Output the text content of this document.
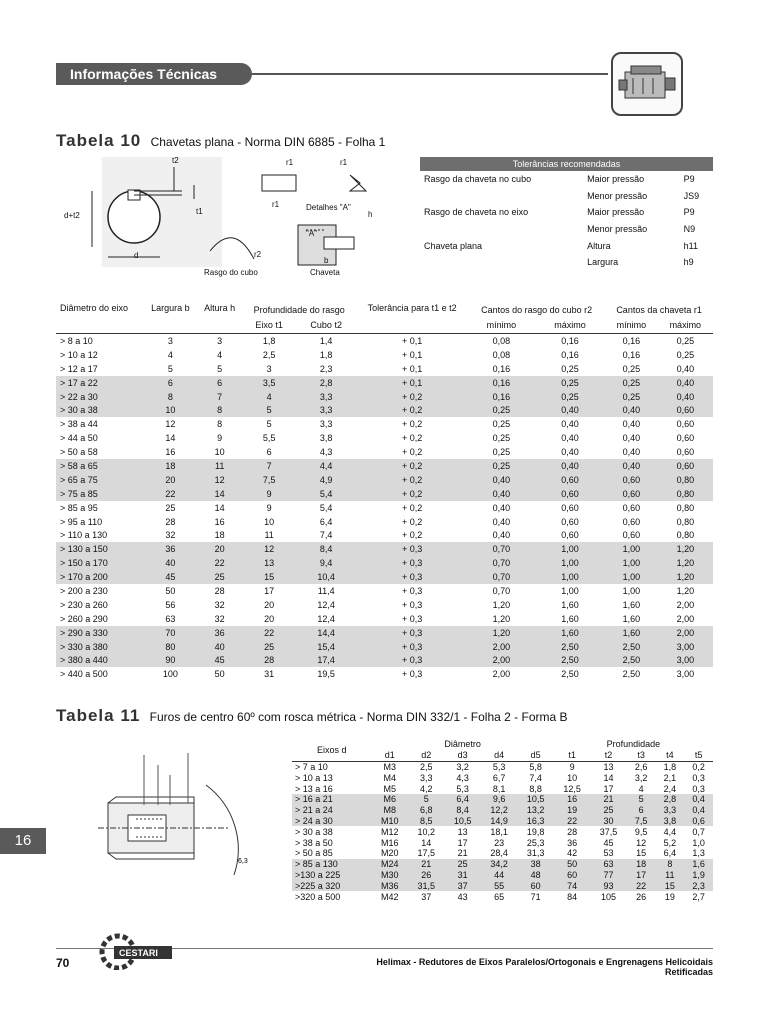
Informações Técnicas
Tabela 10 Chavetas plana - Norma DIN 6885 - Folha 1
t2
t1
d+t2
d
r1	r1
r1	Detalhes "A"
h
"A"
r2
b
Rasgo do cubo	Chaveta
Tolerâncias recomendadas		
Rasgo da chaveta no cubo	Maior pressão	P9
	Menor pressão	JS9
Rasgo de chaveta no eixo	Maior pressão	P9
	Menor pressão	N9
Chaveta plana	Altura	h11
	Largura	h9
Diâmetro do eixo	Largura b	Altura h	Profundidade do rasgo		Tolerância para t1 e t2	Cantos do rasgo do cubo r2		Cantos da chaveta r1	
			Eixo t1	Cubo t2		mínimo	máximo	mínimo	máximo
> 8 a 10	3	3	1,8	1,4	+ 0,1	0,08	0,16	0,16	0,25
> 10 a 12	4	4	2,5	1,8	+ 0,1	0,08	0,16	0,16	0,25
> 12 a 17	5	5	3	2,3	+ 0,1	0,16	0,25	0,25	0,40
> 17 a 22	6	6	3,5	2,8	+ 0,1	0,16	0,25	0,25	0,40
> 22 a 30	8	7	4	3,3	+ 0,2	0,16	0,25	0,25	0,40
> 30 a 38	10	8	5	3,3	+ 0,2	0,25	0,40	0,40	0,60
> 38 a 44	12	8	5	3,3	+ 0,2	0,25	0,40	0,40	0,60
> 44 a 50	14	9	5,5	3,8	+ 0,2	0,25	0,40	0,40	0,60
> 50 a 58	16	10	6	4,3	+ 0,2	0,25	0,40	0,40	0,60
> 58 a 65	18	11	7	4,4	+ 0,2	0,25	0,40	0,40	0,60
> 65 a 75	20	12	7,5	4,9	+ 0,2	0,40	0,60	0,60	0,80
> 75 a 85	22	14	9	5,4	+ 0,2	0,40	0,60	0,60	0,80
> 85 a 95	25	14	9	5,4	+ 0,2	0,40	0,60	0,60	0,80
> 95 a 110	28	16	10	6,4	+ 0,2	0,40	0,60	0,60	0,80
> 110 a 130	32	18	11	7,4	+ 0,2	0,40	0,60	0,60	0,80
> 130 a 150	36	20	12	8,4	+ 0,3	0,70	1,00	1,00	1,20
> 150 a 170	40	22	13	9,4	+ 0,3	0,70	1,00	1,00	1,20
> 170 a 200	45	25	15	10,4	+ 0,3	0,70	1,00	1,00	1,20
> 200 a 230	50	28	17	11,4	+ 0,3	0,70	1,00	1,00	1,20
> 230 a 260	56	32	20	12,4	+ 0,3	1,20	1,60	1,60	2,00
> 260 a 290	63	32	20	12,4	+ 0,3	1,20	1,60	1,60	2,00
> 290 a 330	70	36	22	14,4	+ 0,3	1,20	1,60	1,60	2,00
> 330 a 380	80	40	25	15,4	+ 0,3	2,00	2,50	2,50	3,00
> 380 a 440	90	45	28	17,4	+ 0,3	2,00	2,50	2,50	3,00
> 440 a 500	100	50	31	19,5	+ 0,3	2,00	2,50	2,50	3,00
Tabela 11 Furos de centro 60º com rosca métrica - Norma DIN 332/1 - Folha 2 - Forma B
6,3
Eixos d	Diâmetro					Profundidade				
	d1	d2	d3	d4	d5	t1	t2	t3	t4	t5
> 7 a 10	M3	2,5	3,2	5,3	5,8	9	13	2,6	1,8	0,2
> 10 a 13	M4	3,3	4,3	6,7	7,4	10	14	3,2	2,1	0,3
> 13 a 16	M5	4,2	5,3	8,1	8,8	12,5	17	4	2,4	0,3
> 16 a 21	M6	5	6,4	9,6	10,5	16	21	5	2,8	0,4
> 21 a 24	M8	6,8	8,4	12,2	13,2	19	25	6	3,3	0,4
> 24 a 30	M10	8,5	10,5	14,9	16,3	22	30	7,5	3,8	0,6
> 30 a 38	M12	10,2	13	18,1	19,8	28	37,5	9,5	4,4	0,7
> 38 a 50	M16	14	17	23	25,3	36	45	12	5,2	1,0
> 50 a 85	M20	17,5	21	28,4	31,3	42	53	15	6,4	1,3
> 85 a 130	M24	21	25	34,2	38	50	63	18	8	1,6
>130 a 225	M30	26	31	44	48	60	77	17	11	1,9
>225 a 320	M36	31,5	37	55	60	74	93	22	15	2,3
>320 a 500	M42	37	43	65	71	84	105	26	19	2,7
16
70
CESTARI
Helimax - Redutores de Eixos Paralelos/Ortogonais e Engrenagens Helicoidais Retificadas
